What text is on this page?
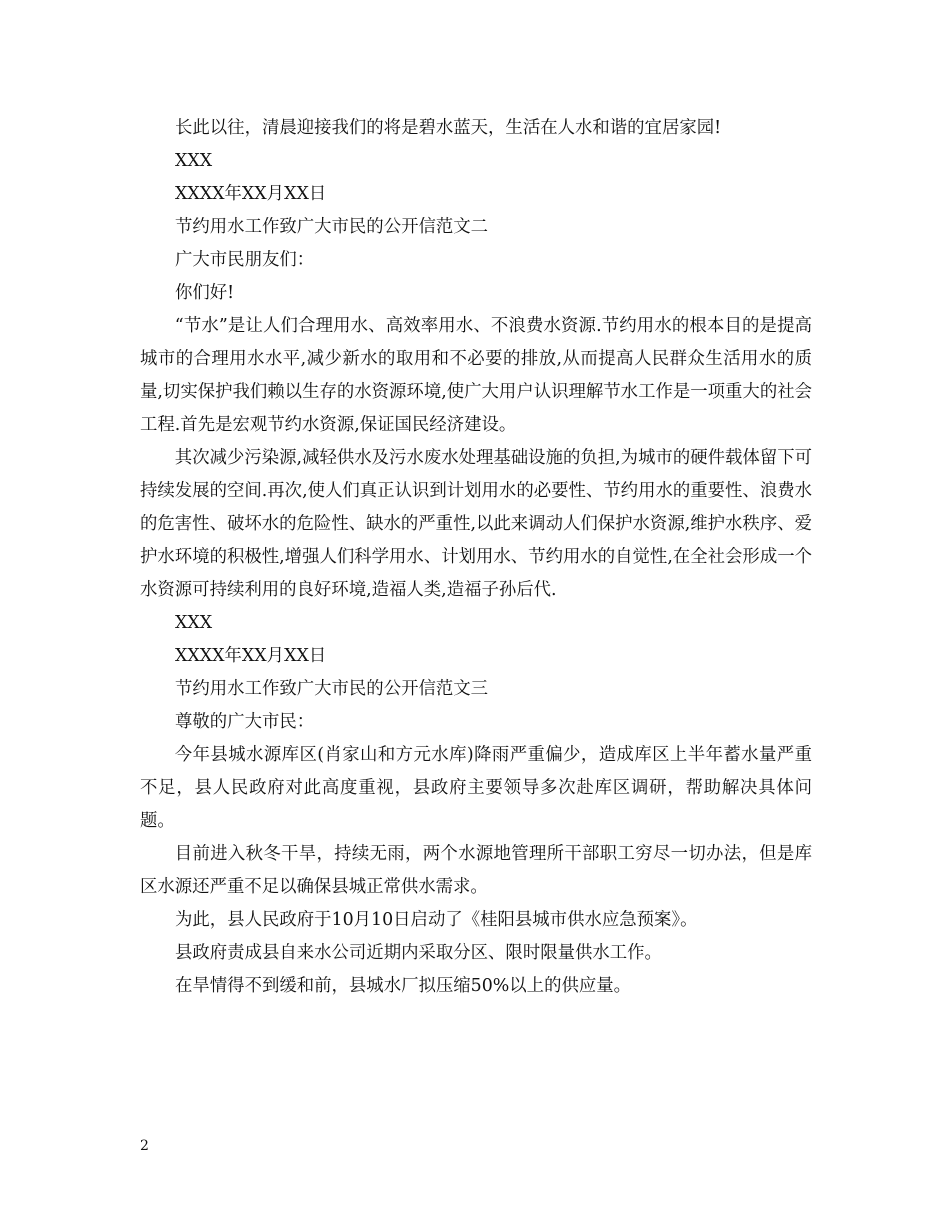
长此以往，清晨迎接我们的将是碧水蓝天，生活在人水和谐的宜居家园!

XXX

XXXX年XX月XX日

节约用水工作致广大市民的公开信范文二

广大市民朋友们：

你们好!

“节水”是让人们合理用水、高效率用水、不浪费水资源.节约用水的根本目的是提高城市的合理用水水平,减少新水的取用和不必要的排放,从而提高人民群众生活用水的质量,切实保护我们赖以生存的水资源环境,使广大用户认识理解节水工作是一项重大的社会工程.首先是宏观节约水资源,保证国民经济建设。

其次减少污染源,减轻供水及污水废水处理基础设施的负担,为城市的硬件载体留下可持续发展的空间.再次,使人们真正认识到计划用水的必要性、节约用水的重要性、浪费水的危害性、破坏水的危险性、缺水的严重性,以此来调动人们保护水资源,维护水秩序、爱护水环境的积极性,增强人们科学用水、计划用水、节约用水的自觉性,在全社会形成一个水资源可持续利用的良好环境,造福人类,造福子孙后代.

XXX

XXXX年XX月XX日

节约用水工作致广大市民的公开信范文三

尊敬的广大市民：

今年县城水源库区(肖家山和方元水库)降雨严重偏少，造成库区上半年蓄水量严重不足，县人民政府对此高度重视，县政府主要领导多次赴库区调研，帮助解决具体问题。

目前进入秋冬干旱，持续无雨，两个水源地管理所干部职工穷尽一切办法，但是库区水源还严重不足以确保县城正常供水需求。

为此，县人民政府于10月10日启动了《桂阳县城市供水应急预案》。

县政府责成县自来水公司近期内采取分区、限时限量供水工作。

在旱情得不到缓和前，县城水厂拟压缩50%以上的供应量。

2
